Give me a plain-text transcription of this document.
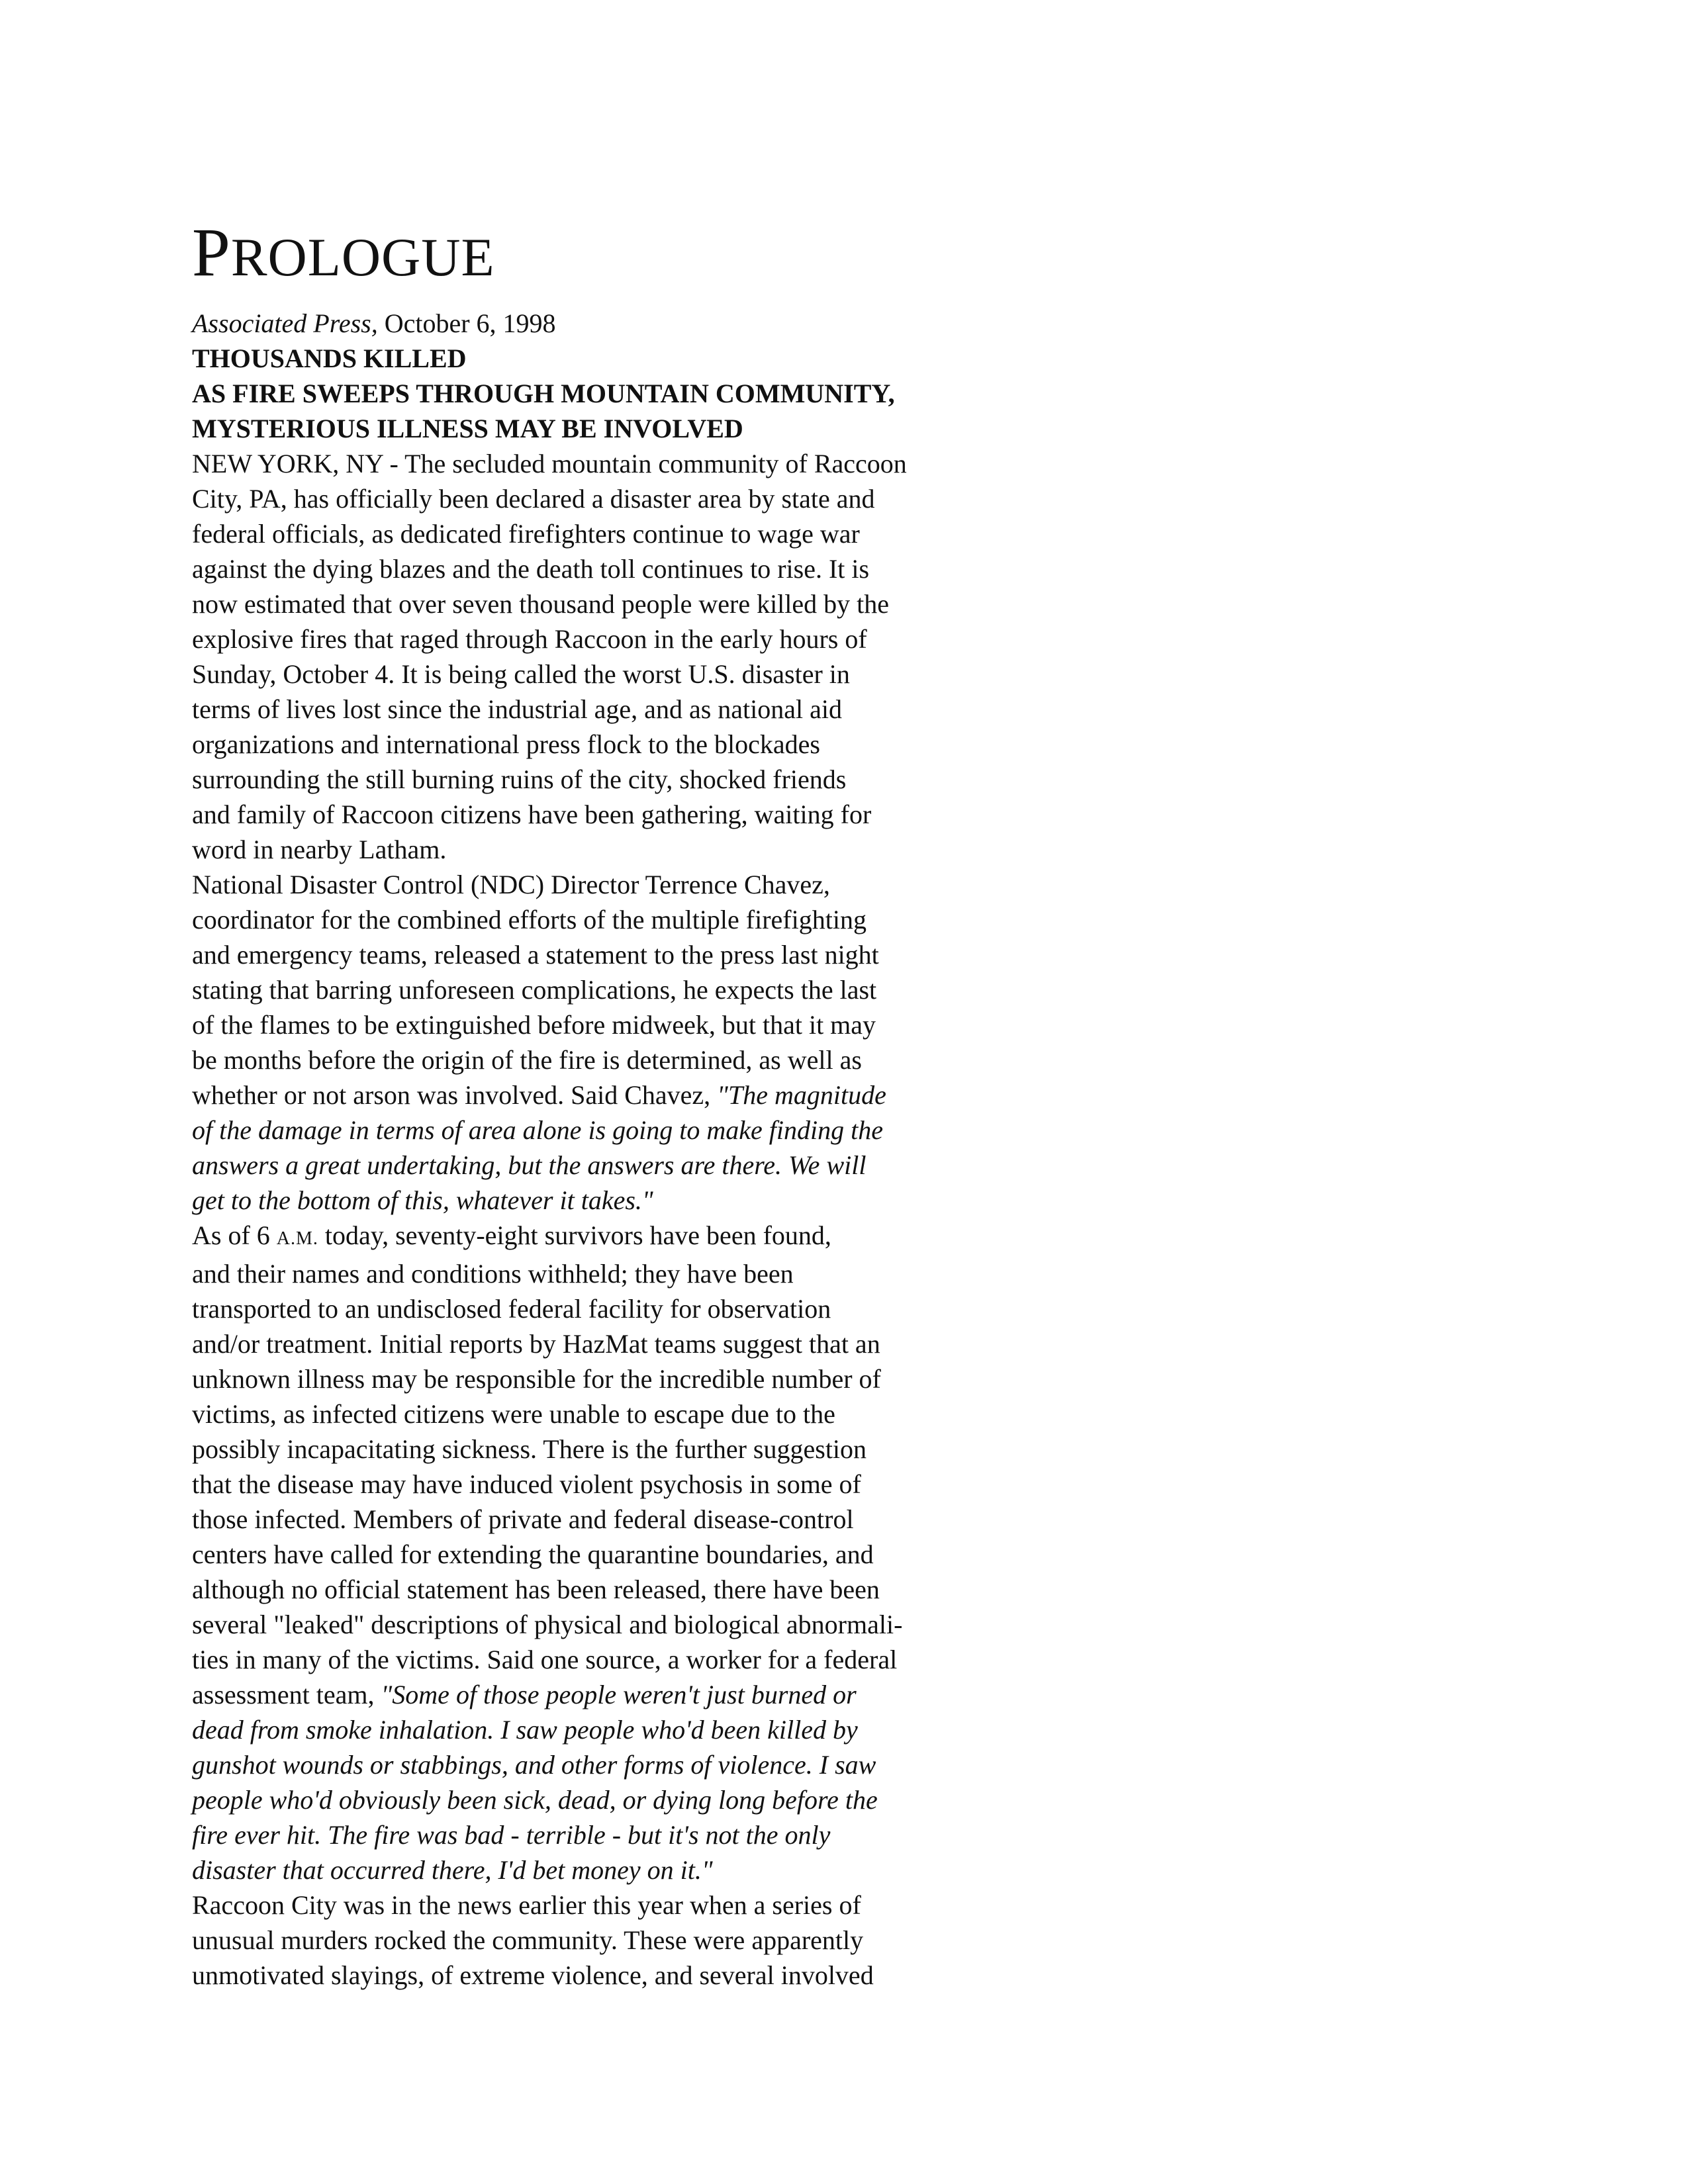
PROLOGUE

Associated Press, October 6, 1998

THOUSANDS KILLED

AS FIRE SWEEPS THROUGH MOUNTAIN COMMUNITY,

MYSTERIOUS ILLNESS MAY BE INVOLVED

NEW YORK, NY - The secluded mountain community of Raccoon

City, PA, has officially been declared a disaster area by state and

federal officials, as dedicated firefighters continue to wage war

against the dying blazes and the death toll continues to rise. It is

now estimated that over seven thousand people were killed by the

explosive fires that raged through Raccoon in the early hours of

Sunday, October 4. It is being called the worst U.S. disaster in

terms of lives lost since the industrial age, and as national aid

organizations and international press flock to the blockades

surrounding the still burning ruins of the city, shocked friends

and family of Raccoon citizens have been gathering, waiting for

word in nearby Latham.

National Disaster Control (NDC) Director Terrence Chavez,

coordinator for the combined efforts of the multiple firefighting

and emergency teams, released a statement to the press last night

stating that barring unforeseen complications, he expects the last

of the flames to be extinguished before midweek, but that it may

be months before the origin of the fire is determined, as well as

whether or not arson was involved. Said Chavez, "The magnitude

of the damage in terms of area alone is going to make finding the

answers a great undertaking, but the answers are there. We will

get to the bottom of this, whatever it takes."

As of 6 A.M. today, seventy-eight survivors have been found,

and their names and conditions withheld; they have been

transported to an undisclosed federal facility for observation

and/or treatment. Initial reports by HazMat teams suggest that an

unknown illness may be responsible for the incredible number of

victims, as infected citizens were unable to escape due to the

possibly incapacitating sickness. There is the further suggestion

that the disease may have induced violent psychosis in some of

those infected. Members of private and federal disease-control

centers have called for extending the quarantine boundaries, and

although no official statement has been released, there have been

several "leaked" descriptions of physical and biological abnormali-

ties in many of the victims. Said one source, a worker for a federal

assessment team, "Some of those people weren't just burned or

dead from smoke inhalation. I saw people who'd been killed by

gunshot wounds or stabbings, and other forms of violence. I saw

people who'd obviously been sick, dead, or dying long before the

fire ever hit. The fire was bad - terrible - but it's not the only

disaster that occurred there, I'd bet money on it."

Raccoon City was in the news earlier this year when a series of

unusual murders rocked the community. These were apparently

unmotivated slayings, of extreme violence, and several involved
